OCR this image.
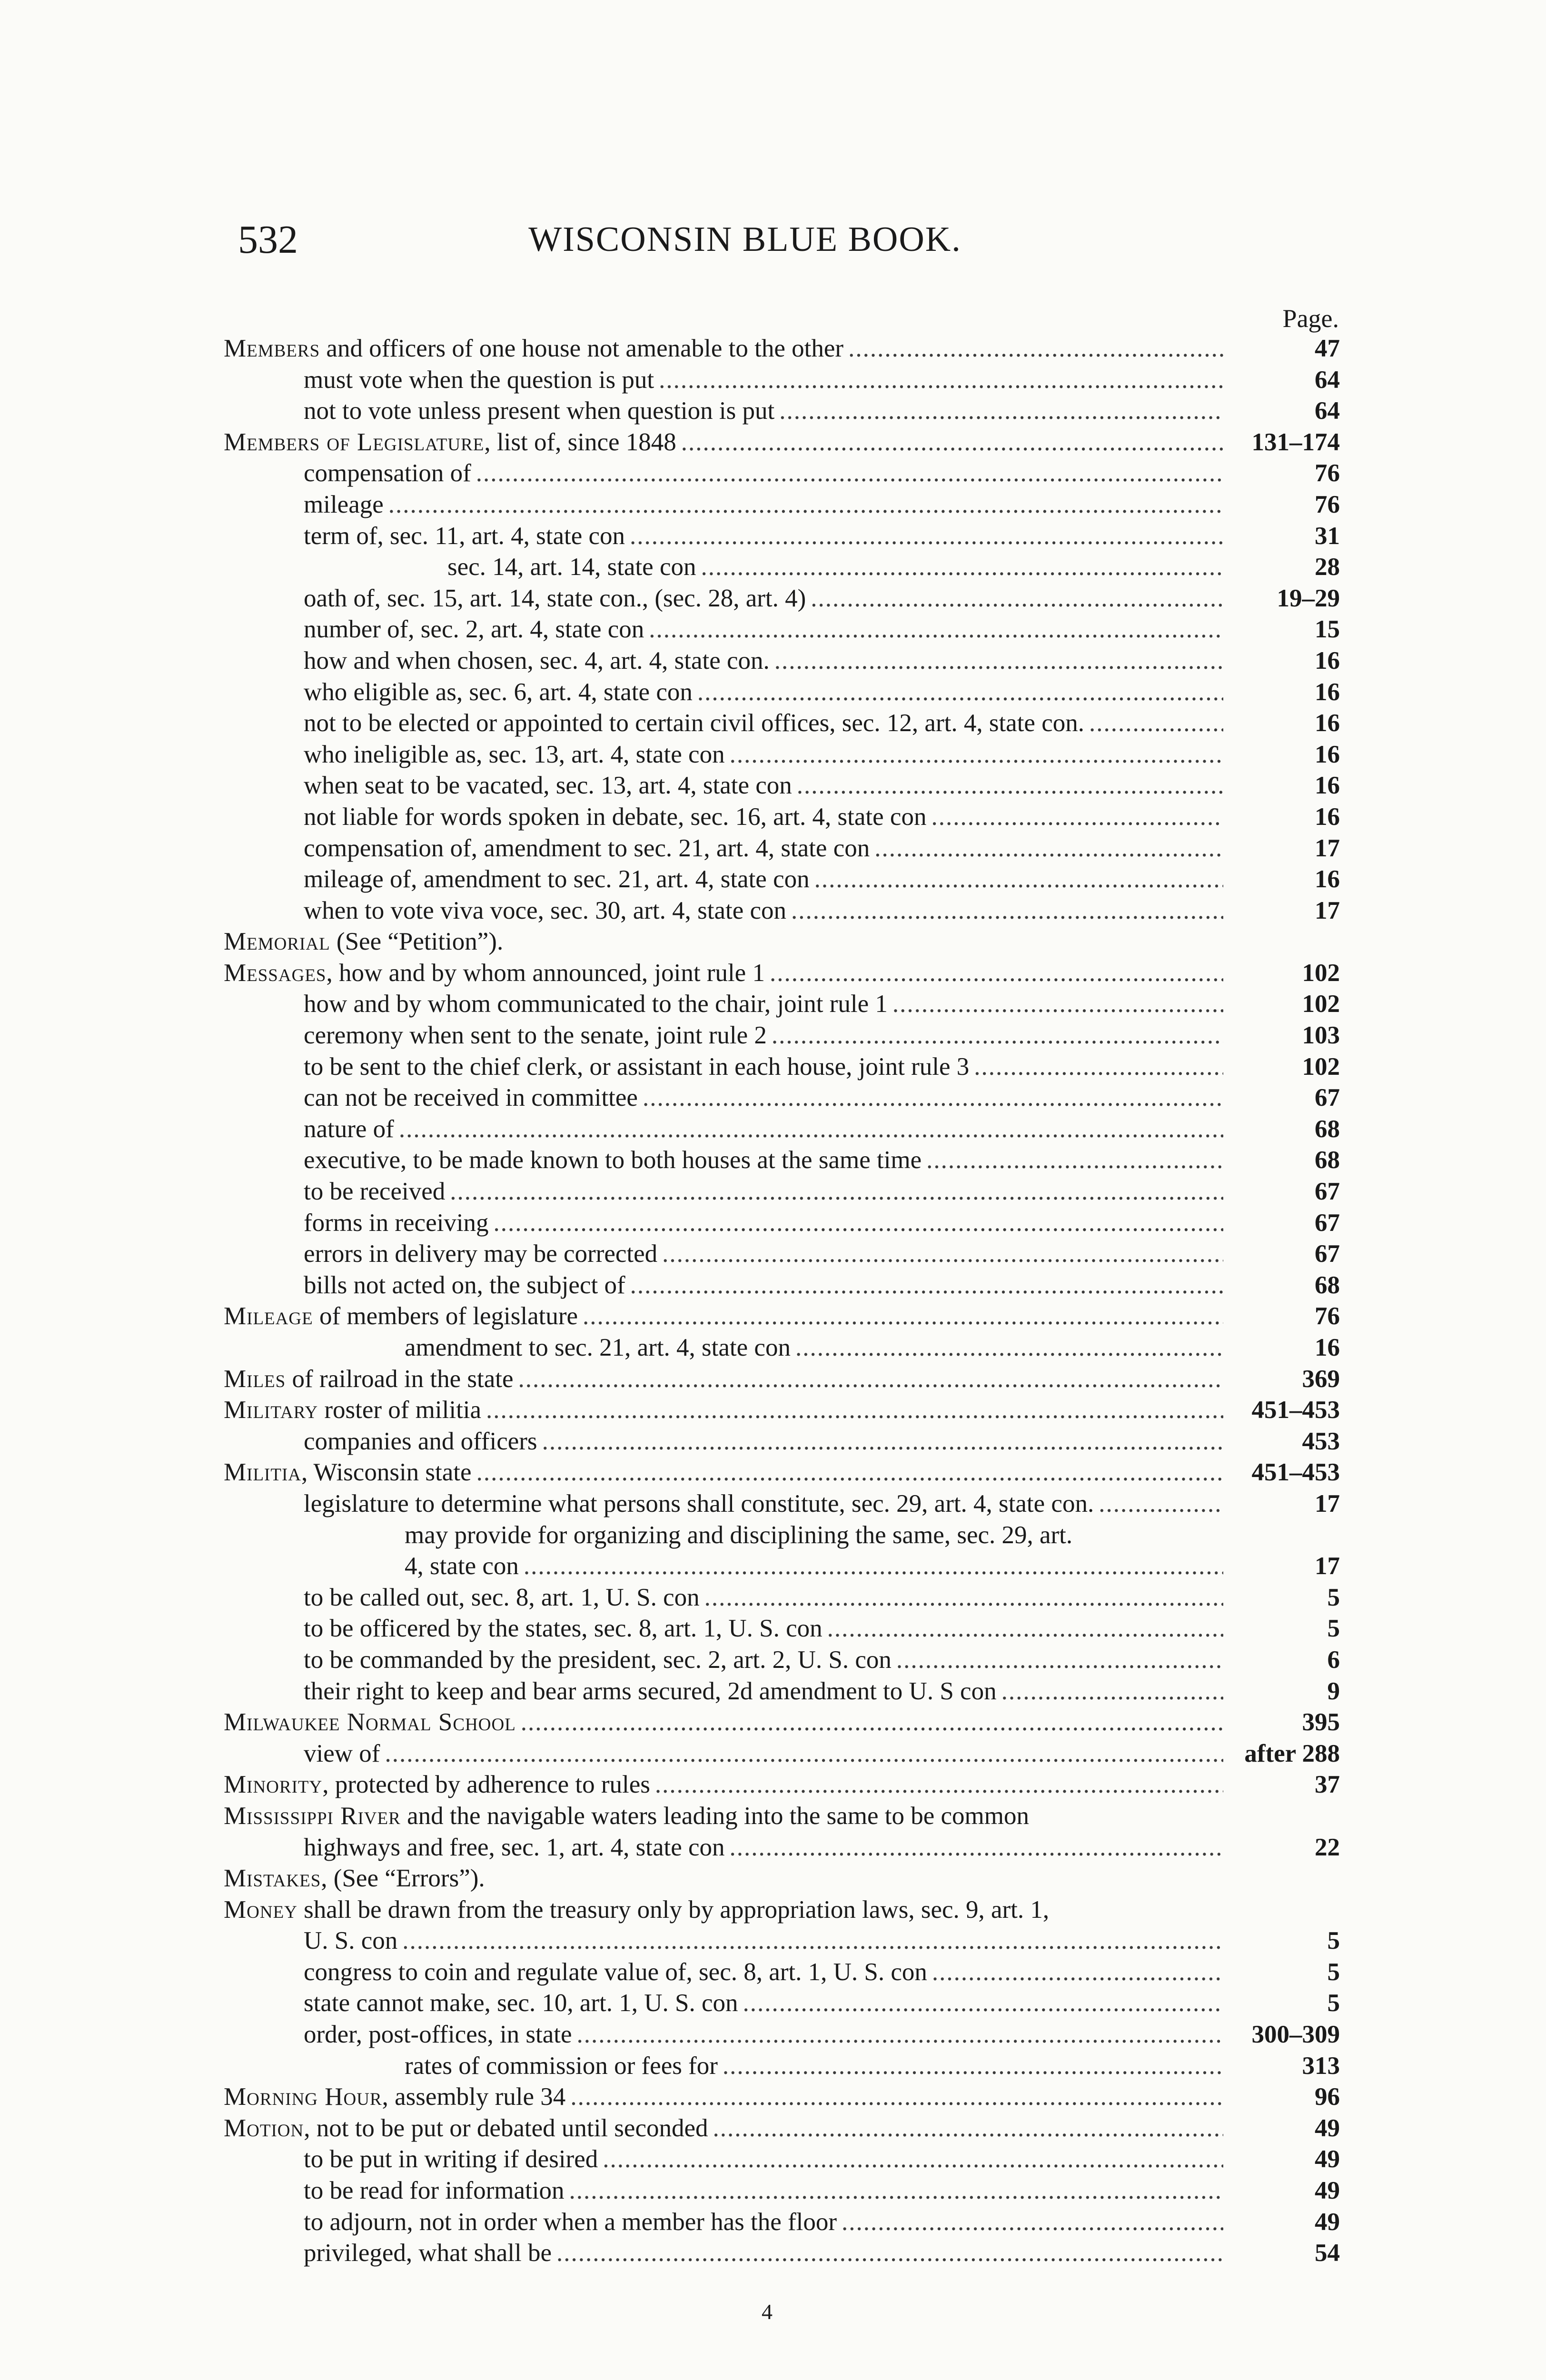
532	WISCONSIN BLUE BOOK.
Page.
Members and officers of one house not amenable to the other .....	47
must vote when the question is put .....	64
not to vote unless present when question is put .....	64
Members of Legislature, list of, since 1848 .....	131–174
compensation of .....	76
mileage .....	76
term of, sec. 11, art. 4, state con .....	31
sec. 14, art. 14, state con .....	28
oath of, sec. 15, art. 14, state con., (sec. 28, art. 4) .....	19–29
number of, sec. 2, art. 4, state con .....	15
how and when chosen, sec. 4, art. 4, state con. .....	16
who eligible as, sec. 6, art. 4, state con .....	16
not to be elected or appointed to certain civil offices, sec. 12, art. 4, state con. .....	16
who ineligible as, sec. 13, art. 4, state con .....	16
when seat to be vacated, sec. 13, art. 4, state con .....	16
not liable for words spoken in debate, sec. 16, art. 4, state con .....	16
compensation of, amendment to sec. 21, art. 4, state con .....	17
mileage of, amendment to sec. 21, art. 4, state con .....	16
when to vote viva voce, sec. 30, art. 4, state con .....	17
Memorial (See “Petition”).
Messages, how and by whom announced, joint rule 1 .....	102
how and by whom communicated to the chair, joint rule 1 .....	102
ceremony when sent to the senate, joint rule 2 .....	103
to be sent to the chief clerk, or assistant in each house, joint rule 3 .....	102
can not be received in committee .....	67
nature of .....	68
executive, to be made known to both houses at the same time .....	68
to be received .....	67
forms in receiving .....	67
errors in delivery may be corrected .....	67
bills not acted on, the subject of .....	68
Mileage of members of legislature .....	76
amendment to sec. 21, art. 4, state con .....	16
Miles of railroad in the state .....	369
Military roster of militia .....	451–453
companies and officers .....	453
Militia, Wisconsin state .....	451–453
legislature to determine what persons shall constitute, sec. 29, art. 4, state con. .....	17
may provide for organizing and disciplining the same, sec. 29, art.
4, state con .....	17
to be called out, sec. 8, art. 1, U. S. con .....	5
to be officered by the states, sec. 8, art. 1, U. S. con .....	5
to be commanded by the president, sec. 2, art. 2, U. S. con .....	6
their right to keep and bear arms secured, 2d amendment to U. S con .....	9
Milwaukee Normal School .....	395
view of .....	after 288
Minority, protected by adherence to rules .....	37
Mississippi River and the navigable waters leading into the same to be common
highways and free, sec. 1, art. 4, state con .....	22
Mistakes, (See “Errors”).
Money shall be drawn from the treasury only by appropriation laws, sec. 9, art. 1,
U. S. con .....	5
congress to coin and regulate value of, sec. 8, art. 1, U. S. con .....	5
state cannot make, sec. 10, art. 1, U. S. con .....	5
order, post-offices, in state .....	300–309
rates of commission or fees for .....	313
Morning Hour, assembly rule 34 .....	96
Motion, not to be put or debated until seconded .....	49
to be put in writing if desired .....	49
to be read for information .....	49
to adjourn, not in order when a member has the floor .....	49
privileged, what shall be .....	54
4
